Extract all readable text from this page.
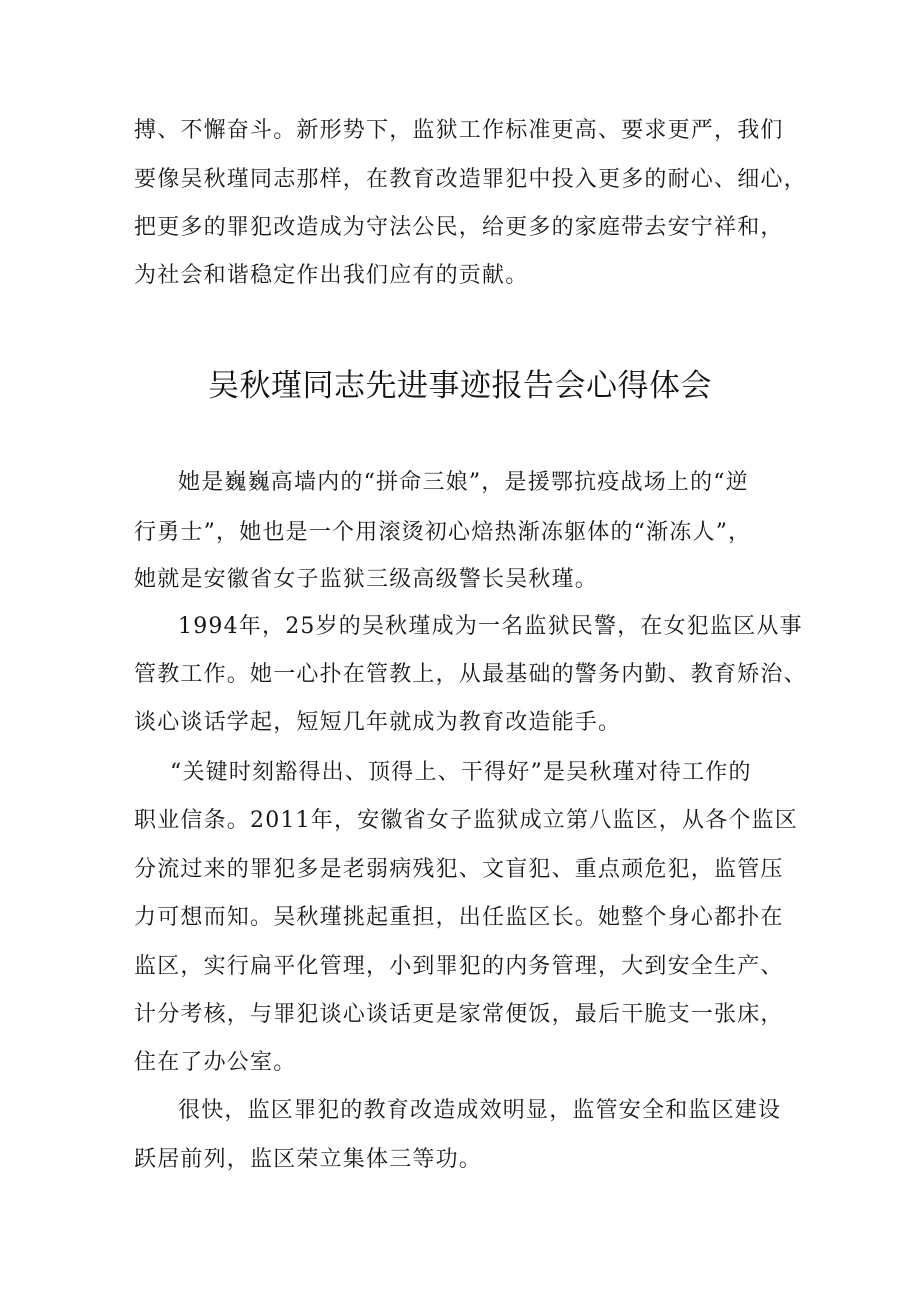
搏、不懈奋斗。新形势下，监狱工作标准更高、要求更严，我们
要像吴秋瑾同志那样，在教育改造罪犯中投入更多的耐心、细心，
把更多的罪犯改造成为守法公民，给更多的家庭带去安宁祥和，
为社会和谐稳定作出我们应有的贡献。
吴秋瑾同志先进事迹报告会心得体会
她是巍巍高墙内的“拼命三娘”，是援鄂抗疫战场上的“逆
行勇士”，她也是一个用滚烫初心焙热渐冻躯体的“渐冻人”，
她就是安徽省女子监狱三级高级警长吴秋瑾。
1994年，25岁的吴秋瑾成为一名监狱民警，在女犯监区从事
管教工作。她一心扑在管教上，从最基础的警务内勤、教育矫治、
谈心谈话学起，短短几年就成为教育改造能手。
“关键时刻豁得出、顶得上、干得好”是吴秋瑾对待工作的
职业信条。2011年，安徽省女子监狱成立第八监区，从各个监区
分流过来的罪犯多是老弱病残犯、文盲犯、重点顽危犯，监管压
力可想而知。吴秋瑾挑起重担，出任监区长。她整个身心都扑在
监区，实行扁平化管理，小到罪犯的内务管理，大到安全生产、
计分考核，与罪犯谈心谈话更是家常便饭，最后干脆支一张床，
住在了办公室。
很快，监区罪犯的教育改造成效明显，监管安全和监区建设
跃居前列，监区荣立集体三等功。
